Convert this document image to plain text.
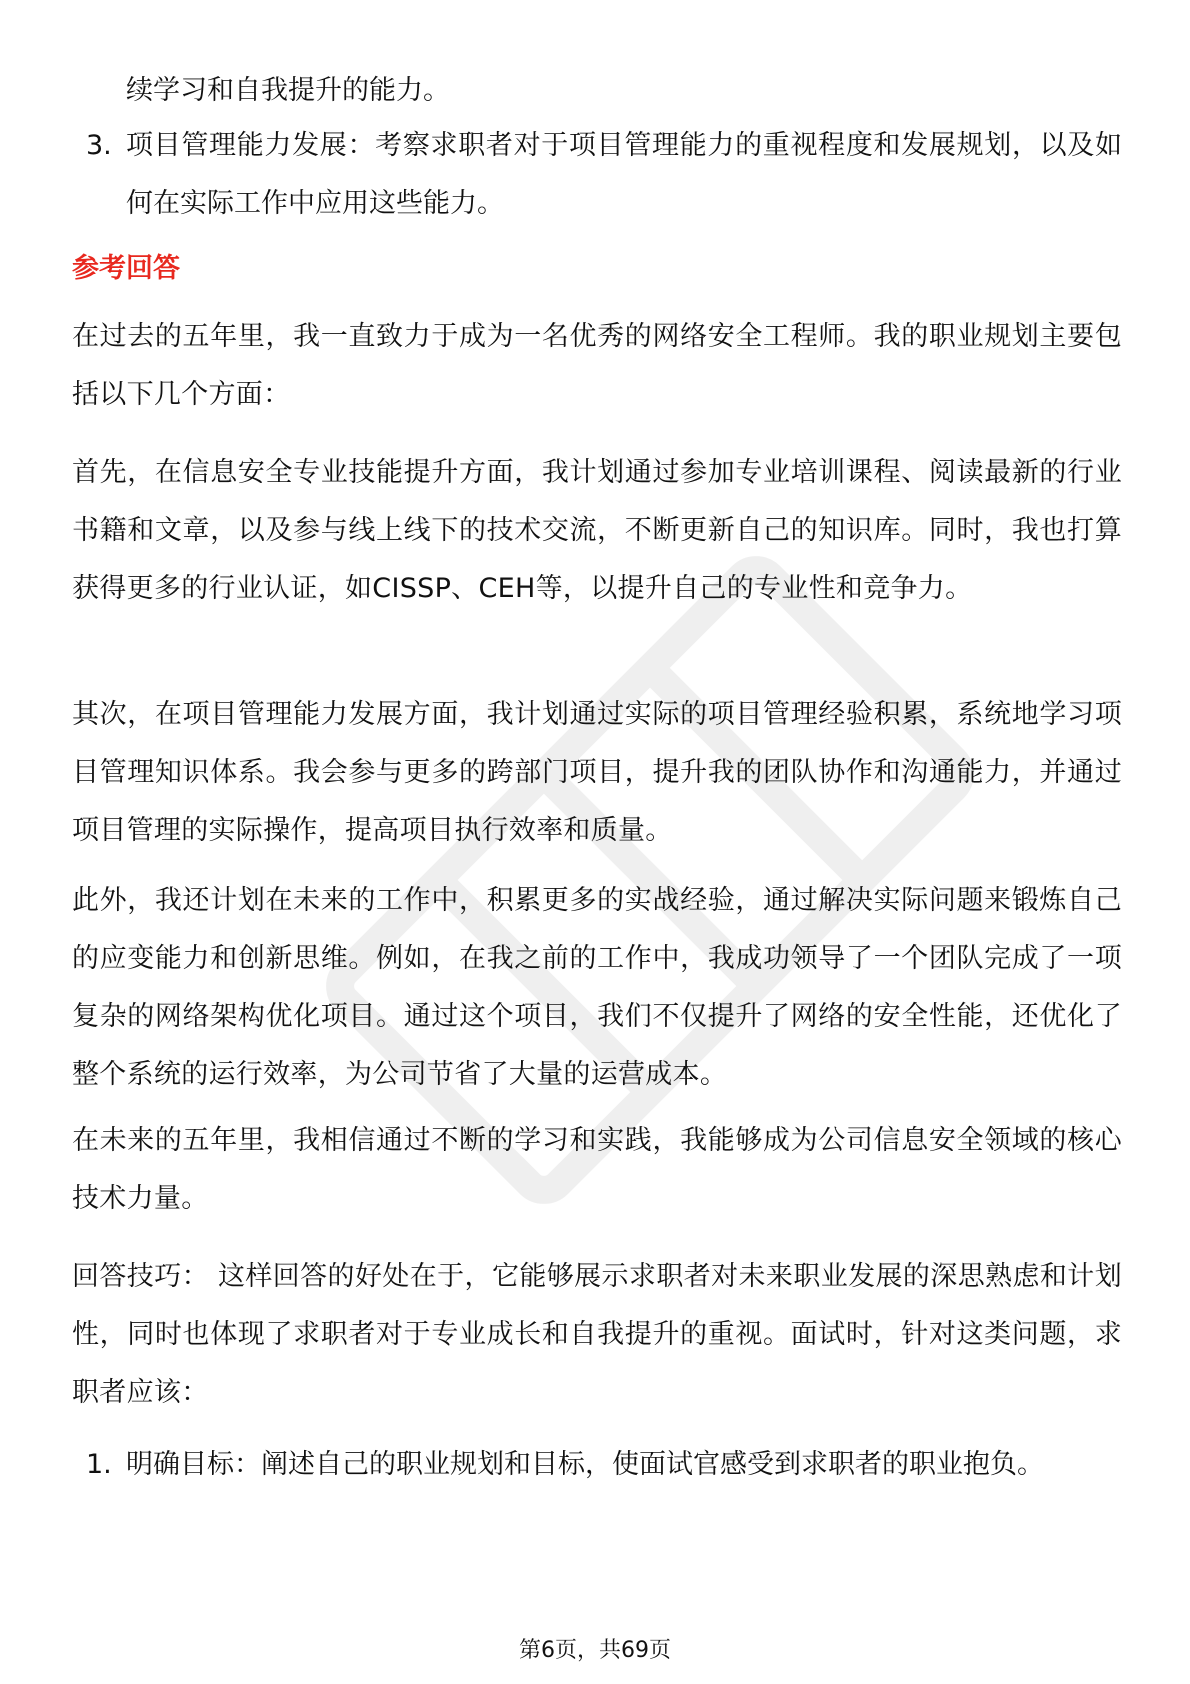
续学习和自我提升的能力。
3. 项目管理能力发展：考察求职者对于项目管理能力的重视程度和发展规划，以及如何在实际工作中应用这些能力。
参考回答
在过去的五年里，我一直致力于成为一名优秀的网络安全工程师。我的职业规划主要包括以下几个方面：
首先，在信息安全专业技能提升方面，我计划通过参加专业培训课程、阅读最新的行业书籍和文章，以及参与线上线下的技术交流，不断更新自己的知识库。同时，我也打算获得更多的行业认证，如CISSP、CEH等，以提升自己的专业性和竞争力。
其次，在项目管理能力发展方面，我计划通过实际的项目管理经验积累，系统地学习项目管理知识体系。我会参与更多的跨部门项目，提升我的团队协作和沟通能力，并通过项目管理的实际操作，提高项目执行效率和质量。
此外，我还计划在未来的工作中，积累更多的实战经验，通过解决实际问题来锻炼自己的应变能力和创新思维。例如，在我之前的工作中，我成功领导了一个团队完成了一项复杂的网络架构优化项目。通过这个项目，我们不仅提升了网络的安全性能，还优化了整个系统的运行效率，为公司节省了大量的运营成本。
在未来的五年里，我相信通过不断的学习和实践，我能够成为公司信息安全领域的核心技术力量。
回答技巧： 这样回答的好处在于，它能够展示求职者对未来职业发展的深思熟虑和计划性，同时也体现了求职者对于专业成长和自我提升的重视。面试时，针对这类问题，求职者应该：
1. 明确目标：阐述自己的职业规划和目标，使面试官感受到求职者的职业抱负。
第6页，共69页
